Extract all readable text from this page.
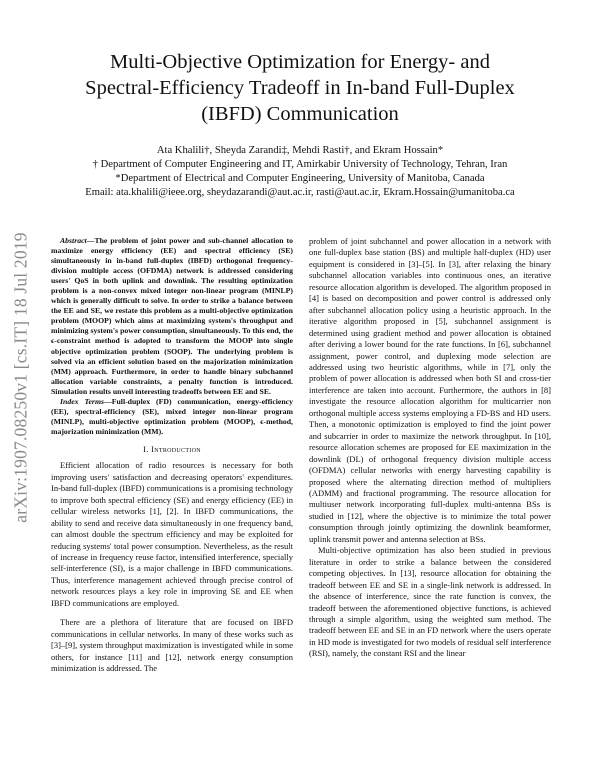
arXiv:1907.08250v1 [cs.IT] 18 Jul 2019
Multi-Objective Optimization for Energy- and
Spectral-Efficiency Tradeoff in In-band Full-Duplex
(IBFD) Communication
Ata Khalili†, Sheyda Zarandi‡, Mehdi Rasti†, and Ekram Hossain*
† Department of Computer Engineering and IT, Amirkabir University of Technology, Tehran, Iran
*Department of Electrical and Computer Engineering, University of Manitoba, Canada
Email: ata.khalili@ieee.org, sheydazarandi@aut.ac.ir, rasti@aut.ac.ir, Ekram.Hossain@umanitoba.ca

Abstract—The problem of joint power and sub-channel allocation to maximize energy efficiency (EE) and spectral efficiency (SE) simultaneously in in-band full-duplex (IBFD) orthogonal frequency-division multiple access (OFDMA) network is addressed considering users' QoS in both uplink and downlink. The resulting optimization problem is a non-convex mixed integer non-linear program (MINLP) which is generally difficult to solve. In order to strike a balance between the EE and SE, we restate this problem as a multi-objective optimization problem (MOOP) which aims at maximizing system's throughput and minimizing system's power consumption, simultaneously. To this end, the ϵ-constraint method is adopted to transform the MOOP into single objective optimization problem (SOOP). The underlying problem is solved via an efficient solution based on the majorization minimization (MM) approach. Furthermore, in order to handle binary subchannel allocation variable constraints, a penalty function is introduced. Simulation results unveil interesting tradeoffs between EE and SE.

Index Terms—Full-duplex (FD) communication, energy-efficiency (EE), spectral-efficiency (SE), mixed integer non-linear program (MINLP), multi-objective optimization problem (MOOP), ϵ-method, majorization minimization (MM).

I. Introduction

Efficient allocation of radio resources is necessary for both improving users' satisfaction and decreasing operators' expenditures. In-band full-duplex (IBFD) communications is a promising technology to improve both spectral efficiency (SE) and energy efficiency (EE) in cellular wireless networks [1], [2]. In IBFD communications, the ability to send and receive data simultaneously in one frequency band, can almost double the spectrum efficiency and may be exploited for reducing systems' total power consumption. Nevertheless, as the result of increase in frequency reuse factor, intensified interference, specially self-interference (SI), is a major challenge in IBFD communications. Thus, interference management achieved through precise control of network resources plays a key role in improving SE and EE when IBFD communications are employed.

There are a plethora of literature that are focused on IBFD communications in cellular networks. In many of these works such as [3]–[9], system throughput maximization is investigated while in some others, for instance [11] and [12], network energy consumption minimization is addressed. The

problem of joint subchannel and power allocation in a network with one full-duplex base station (BS) and multiple half-duplex (HD) user equipment is considered in [3]–[5]. In [3], after relaxing the binary subchannel allocation variables into continuous ones, an iterative resource allocation algorithm is developed. The algorithm proposed in [4] is based on decomposition and power control is addressed only after subchannel allocation policy using a heuristic approach. In the iterative algorithm proposed in [5], subchannel assignment is determined using gradient method and power allocation is obtained after deriving a lower bound for the rate functions. In [6], subchannel assignment, power control, and duplexing mode selection are addressed using two heuristic algorithms, while in [7], only the problem of power allocation is addressed when both SI and cross-tier interference are taken into account. Furthermore, the authors in [8] investigate the resource allocation algorithm for multicarrier non orthogonal multiple access systems employing a FD-BS and HD users. Then, a monotonic optimization is employed to find the joint power and subcarrier in order to maximize the network throughput. In [10], resource allocation schemes are proposed for EE maximization in the downlink (DL) of orthogonal frequency division multiple access (OFDMA) cellular networks with energy harvesting capability is proposed where the alternating direction method of multipliers (ADMM) and fractional programming. The resource allocation for multiuser network incorporating full-duplex multi-antenna BSs is studied in [12], where the objective is to minimize the total power consumption through jointly optimizing the downlink beamformer, uplink transmit power and antenna selection at BSs.

Multi-objective optimization has also been studied in previous literature in order to strike a balance between the considered competing objectives. In [13], resource allocation for obtaining the tradeoff between EE and SE in a single-link network is addressed. In the absence of interference, since the rate function is convex, the tradeoff between the aforementioned objective functions, is achieved through a simple algorithm, using the weighted sum method. The tradeoff between EE and SE in an FD network where the users operate in HD mode is investigated for two models of residual self interference (RSI), namely, the constant RSI and the linear
